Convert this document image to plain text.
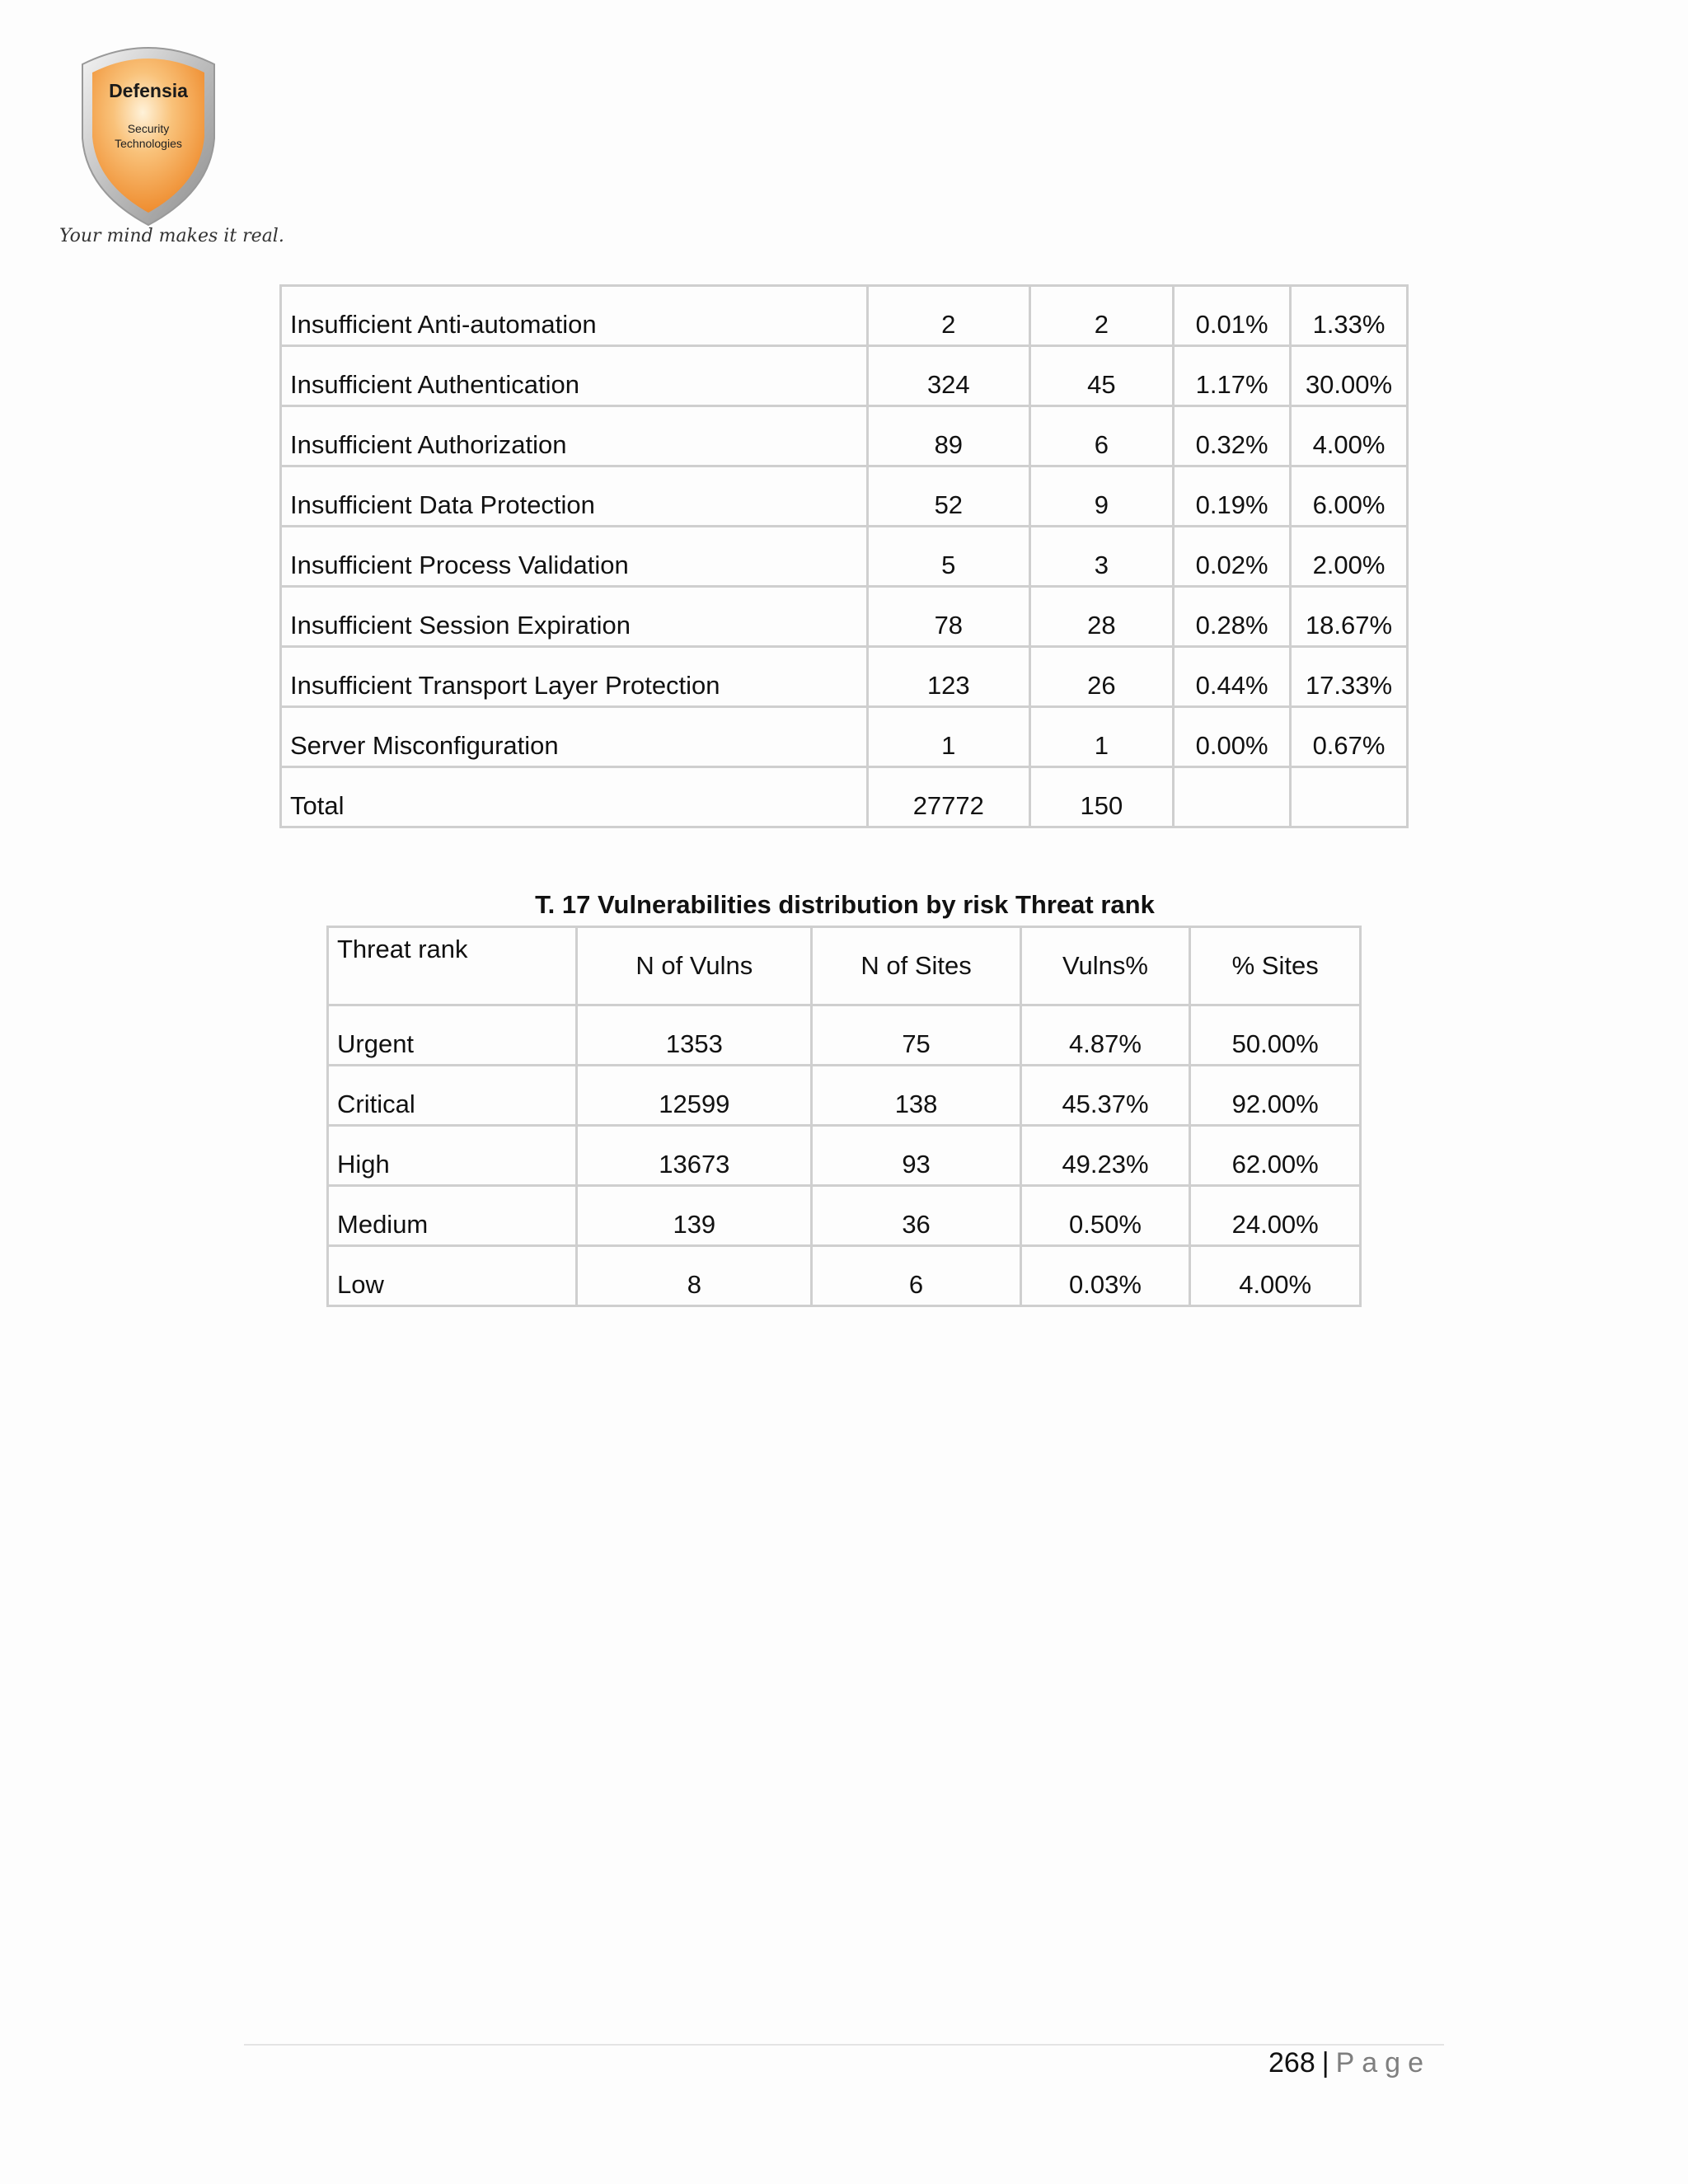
Defensia
Security
Technologies
Your mind makes it real.
Insufficient Anti-automation	2	2	0.01%	1.33%
Insufficient Authentication	324	45	1.17%	30.00%
Insufficient Authorization	89	6	0.32%	4.00%
Insufficient Data Protection	52	9	0.19%	6.00%
Insufficient Process Validation	5	3	0.02%	2.00%
Insufficient Session Expiration	78	28	0.28%	18.67%
Insufficient Transport Layer Protection	123	26	0.44%	17.33%
Server Misconfiguration	1	1	0.00%	0.67%
Total	27772	150		
T. 17 Vulnerabilities distribution by risk Threat rank
Threat rank	N of Vulns	N of Sites	Vulns%	% Sites
Urgent	1353	75	4.87%	50.00%
Critical	12599	138	45.37%	92.00%
High	13673	93	49.23%	62.00%
Medium	139	36	0.50%	24.00%
Low	8	6	0.03%	4.00%
268 | Page
